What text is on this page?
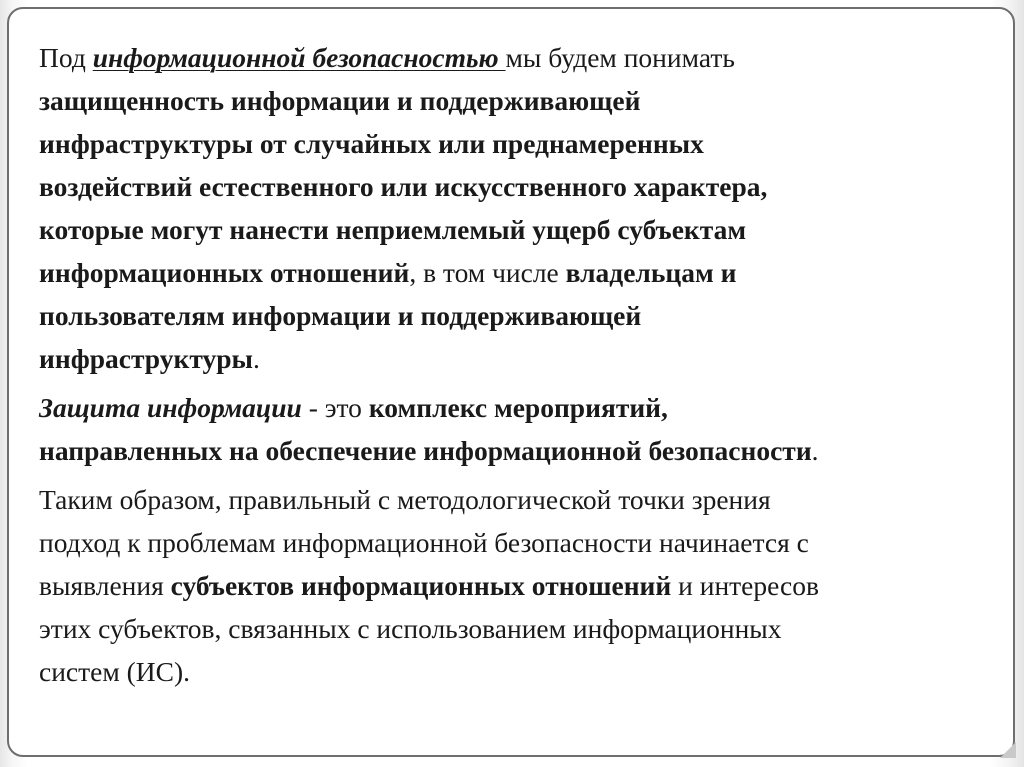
Под информационной безопасностью мы будем понимать
защищенность информации и поддерживающей
инфраструктуры от случайных или преднамеренных
воздействий естественного или искусственного характера,
которые могут нанести неприемлемый ущерб субъектам
информационных отношений, в том числе владельцам и
пользователям информации и поддерживающей
инфраструктуры.
Защита информации - это комплекс мероприятий,
направленных на обеспечение информационной безопасности.
Таким образом, правильный с методологической точки зрения
подход к проблемам информационной безопасности начинается с
выявления субъектов информационных отношений и интересов
этих субъектов, связанных с использованием информационных
систем (ИС).
